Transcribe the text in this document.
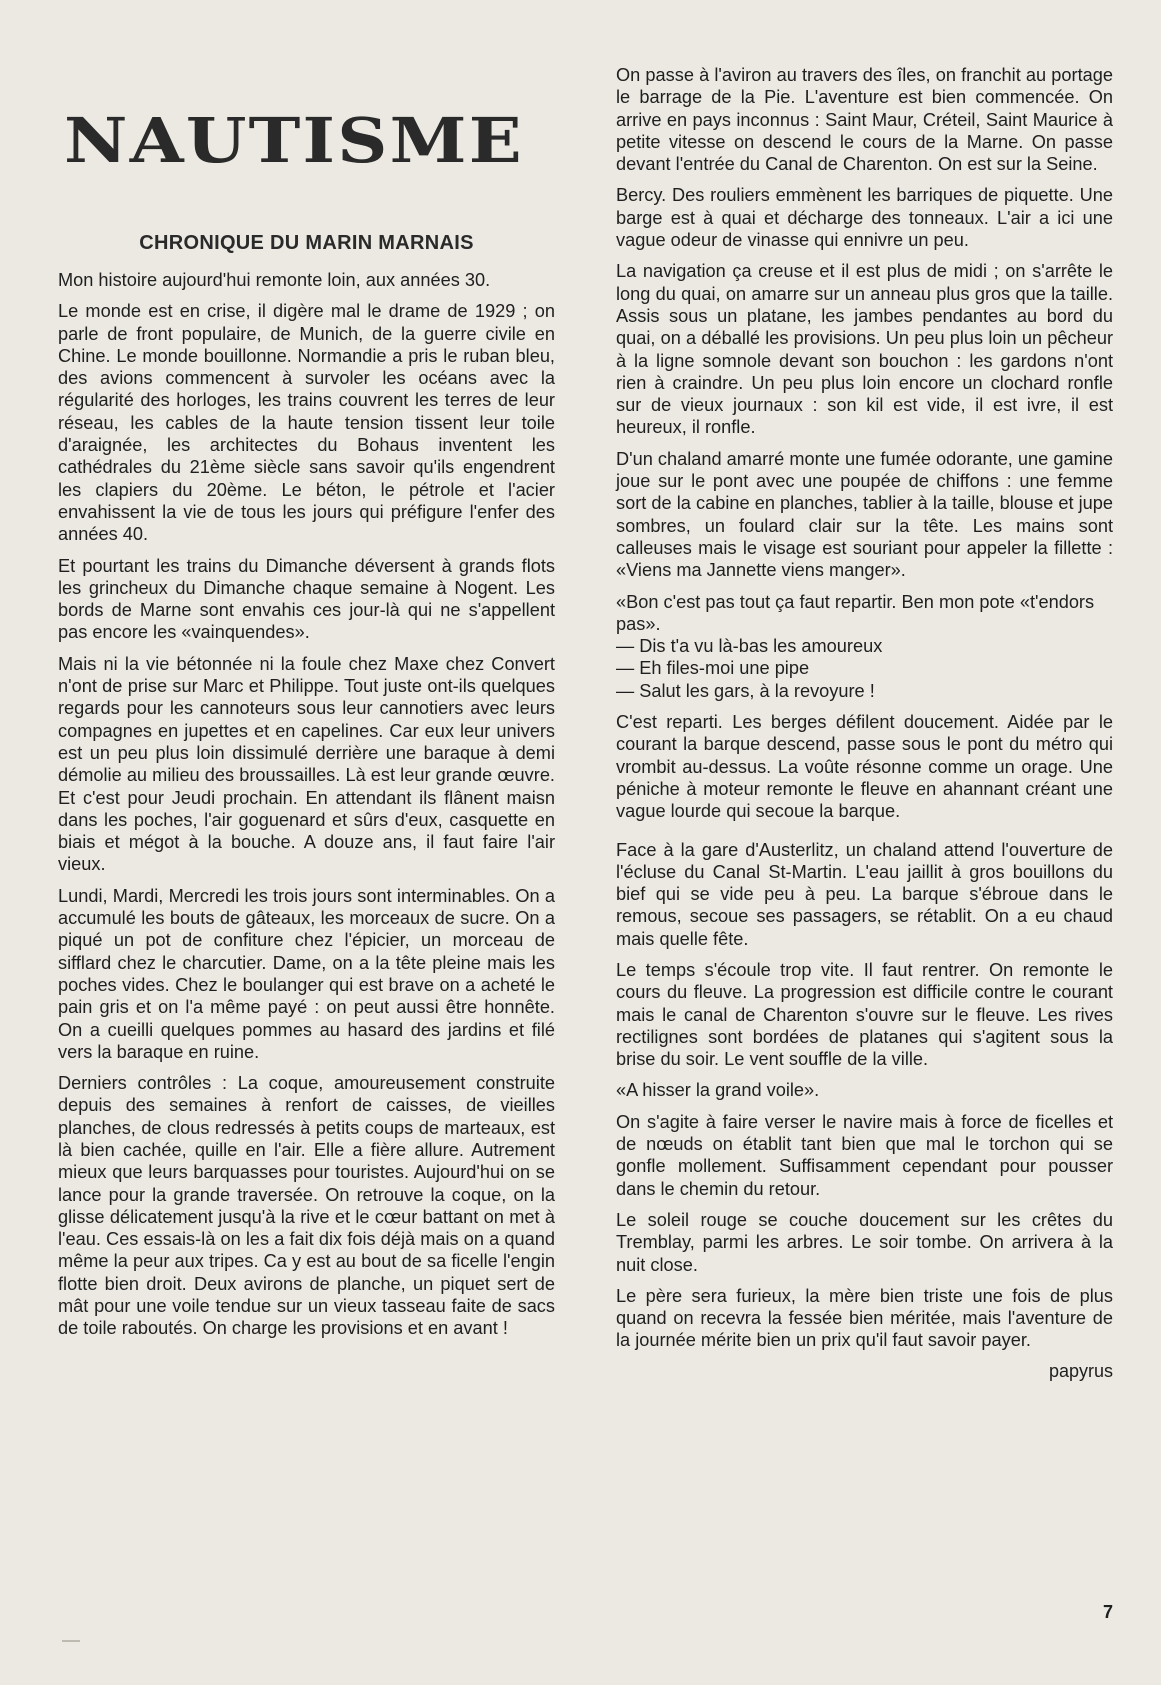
NAUTISME
CHRONIQUE DU MARIN MARNAIS

Mon histoire aujourd'hui remonte loin, aux années 30.

Le monde est en crise, il digère mal le drame de 1929 ; on parle de front populaire, de Munich, de la guerre civile en Chine. Le monde bouillonne. Normandie a pris le ruban bleu, des avions commencent à survoler les océans avec la régularité des horloges, les trains couvrent les terres de leur réseau, les cables de la haute tension tissent leur toile d'araignée, les architectes du Bohaus inventent les cathédrales du 21ème siècle sans savoir qu'ils engendrent les clapiers du 20ème. Le béton, le pétrole et l'acier envahissent la vie de tous les jours qui préfigure l'enfer des années 40.

Et pourtant les trains du Dimanche déversent à grands flots les grincheux du Dimanche chaque semaine à Nogent. Les bords de Marne sont envahis ces jour-là qui ne s'appellent pas encore les «vainquendes».

Mais ni la vie bétonnée ni la foule chez Maxe chez Convert n'ont de prise sur Marc et Philippe. Tout juste ont-ils quelques regards pour les cannoteurs sous leur cannotiers avec leurs compagnes en jupettes et en capelines. Car eux leur univers est un peu plus loin dissimulé derrière une baraque à demi démolie au milieu des broussailles. Là est leur grande œuvre. Et c'est pour Jeudi prochain. En attendant ils flânent maisn dans les poches, l'air goguenard et sûrs d'eux, casquette en biais et mégot à la bouche. A douze ans, il faut faire l'air vieux.

Lundi, Mardi, Mercredi les trois jours sont interminables. On a accumulé les bouts de gâteaux, les morceaux de sucre. On a piqué un pot de confiture chez l'épicier, un morceau de sifflard chez le charcutier. Dame, on a la tête pleine mais les poches vides. Chez le boulanger qui est brave on a acheté le pain gris et on l'a même payé : on peut aussi être honnête. On a cueilli quelques pommes au hasard des jardins et filé vers la baraque en ruine.

Derniers contrôles : La coque, amoureusement construite depuis des semaines à renfort de caisses, de vieilles planches, de clous redressés à petits coups de marteaux, est là bien cachée, quille en l'air. Elle a fière allure. Autrement mieux que leurs barquasses pour touristes. Aujourd'hui on se lance pour la grande traversée. On retrouve la coque, on la glisse délicatement jusqu'à la rive et le cœur battant on met à l'eau. Ces essais-là on les a fait dix fois déjà mais on a quand même la peur aux tripes. Ca y est au bout de sa ficelle l'engin flotte bien droit. Deux avirons de planche, un piquet sert de mât pour une voile tendue sur un vieux tasseau faite de sacs de toile raboutés. On charge les provisions et en avant !

On passe à l'aviron au travers des îles, on franchit au portage le barrage de la Pie. L'aventure est bien commencée. On arrive en pays inconnus : Saint Maur, Créteil, Saint Maurice à petite vitesse on descend le cours de la Marne. On passe devant l'entrée du Canal de Charenton. On est sur la Seine.

Bercy. Des rouliers emmènent les barriques de piquette. Une barge est à quai et décharge des tonneaux. L'air a ici une vague odeur de vinasse qui ennivre un peu.

La navigation ça creuse et il est plus de midi ; on s'arrête le long du quai, on amarre sur un anneau plus gros que la taille. Assis sous un platane, les jambes pendantes au bord du quai, on a déballé les provisions. Un peu plus loin un pêcheur à la ligne somnole devant son bouchon : les gardons n'ont rien à craindre. Un peu plus loin encore un clochard ronfle sur de vieux journaux : son kil est vide, il est ivre, il est heureux, il ronfle.

D'un chaland amarré monte une fumée odorante, une gamine joue sur le pont avec une poupée de chiffons : une femme sort de la cabine en planches, tablier à la taille, blouse et jupe sombres, un foulard clair sur la tête. Les mains sont calleuses mais le visage est souriant pour appeler la fillette : «Viens ma Jannette viens manger».

«Bon c'est pas tout ça faut repartir. Ben mon pote «t'endors pas».
— Dis t'a vu là-bas les amoureux
— Eh files-moi une pipe
— Salut les gars, à la revoyure !

C'est reparti. Les berges défilent doucement. Aidée par le courant la barque descend, passe sous le pont du métro qui vrombit au-dessus. La voûte résonne comme un orage. Une péniche à moteur remonte le fleuve en ahannant créant une vague lourde qui secoue la barque.

Face à la gare d'Austerlitz, un chaland attend l'ouverture de l'écluse du Canal St-Martin. L'eau jaillit à gros bouillons du bief qui se vide peu à peu. La barque s'ébroue dans le remous, secoue ses passagers, se rétablit. On a eu chaud mais quelle fête.

Le temps s'écoule trop vite. Il faut rentrer. On remonte le cours du fleuve. La progression est difficile contre le courant mais le canal de Charenton s'ouvre sur le fleuve. Les rives rectilignes sont bordées de platanes qui s'agitent sous la brise du soir. Le vent souffle de la ville.

«A hisser la grand voile».

On s'agite à faire verser le navire mais à force de ficelles et de nœuds on établit tant bien que mal le torchon qui se gonfle mollement. Suffisamment cependant pour pousser dans le chemin du retour.

Le soleil rouge se couche doucement sur les crêtes du Tremblay, parmi les arbres. Le soir tombe. On arrivera à la nuit close.

Le père sera furieux, la mère bien triste une fois de plus quand on recevra la fessée bien méritée, mais l'aventure de la journée mérite bien un prix qu'il faut savoir payer.

papyrus
7
